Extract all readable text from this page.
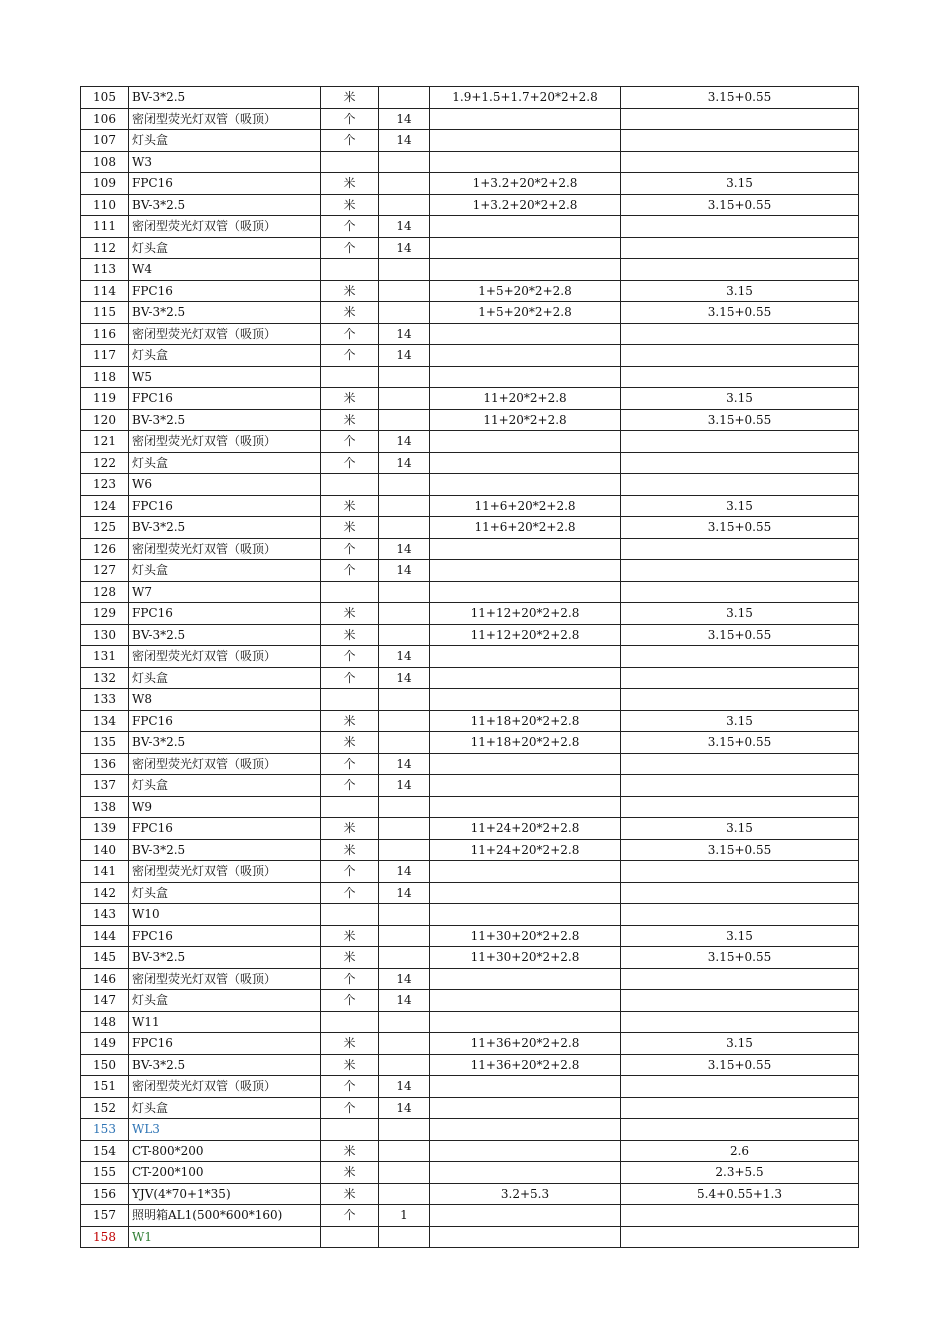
105	BV-3*2.5	米		1.9+1.5+1.7+20*2+2.8	3.15+0.55
106	密闭型荧光灯双管（吸顶）	个	14		
107	灯头盒	个	14		
108	W3				
109	FPC16	米		1+3.2+20*2+2.8	3.15
110	BV-3*2.5	米		1+3.2+20*2+2.8	3.15+0.55
111	密闭型荧光灯双管（吸顶）	个	14		
112	灯头盒	个	14		
113	W4				
114	FPC16	米		1+5+20*2+2.8	3.15
115	BV-3*2.5	米		1+5+20*2+2.8	3.15+0.55
116	密闭型荧光灯双管（吸顶）	个	14		
117	灯头盒	个	14		
118	W5				
119	FPC16	米		11+20*2+2.8	3.15
120	BV-3*2.5	米		11+20*2+2.8	3.15+0.55
121	密闭型荧光灯双管（吸顶）	个	14		
122	灯头盒	个	14		
123	W6				
124	FPC16	米		11+6+20*2+2.8	3.15
125	BV-3*2.5	米		11+6+20*2+2.8	3.15+0.55
126	密闭型荧光灯双管（吸顶）	个	14		
127	灯头盒	个	14		
128	W7				
129	FPC16	米		11+12+20*2+2.8	3.15
130	BV-3*2.5	米		11+12+20*2+2.8	3.15+0.55
131	密闭型荧光灯双管（吸顶）	个	14		
132	灯头盒	个	14		
133	W8				
134	FPC16	米		11+18+20*2+2.8	3.15
135	BV-3*2.5	米		11+18+20*2+2.8	3.15+0.55
136	密闭型荧光灯双管（吸顶）	个	14		
137	灯头盒	个	14		
138	W9				
139	FPC16	米		11+24+20*2+2.8	3.15
140	BV-3*2.5	米		11+24+20*2+2.8	3.15+0.55
141	密闭型荧光灯双管（吸顶）	个	14		
142	灯头盒	个	14		
143	W10				
144	FPC16	米		11+30+20*2+2.8	3.15
145	BV-3*2.5	米		11+30+20*2+2.8	3.15+0.55
146	密闭型荧光灯双管（吸顶）	个	14		
147	灯头盒	个	14		
148	W11				
149	FPC16	米		11+36+20*2+2.8	3.15
150	BV-3*2.5	米		11+36+20*2+2.8	3.15+0.55
151	密闭型荧光灯双管（吸顶）	个	14		
152	灯头盒	个	14		
153	WL3				
154	CT-800*200	米			2.6
155	CT-200*100	米			2.3+5.5
156	YJV(4*70+1*35)	米		3.2+5.3	5.4+0.55+1.3
157	照明箱AL1(500*600*160)	个	1		
158	W1				
